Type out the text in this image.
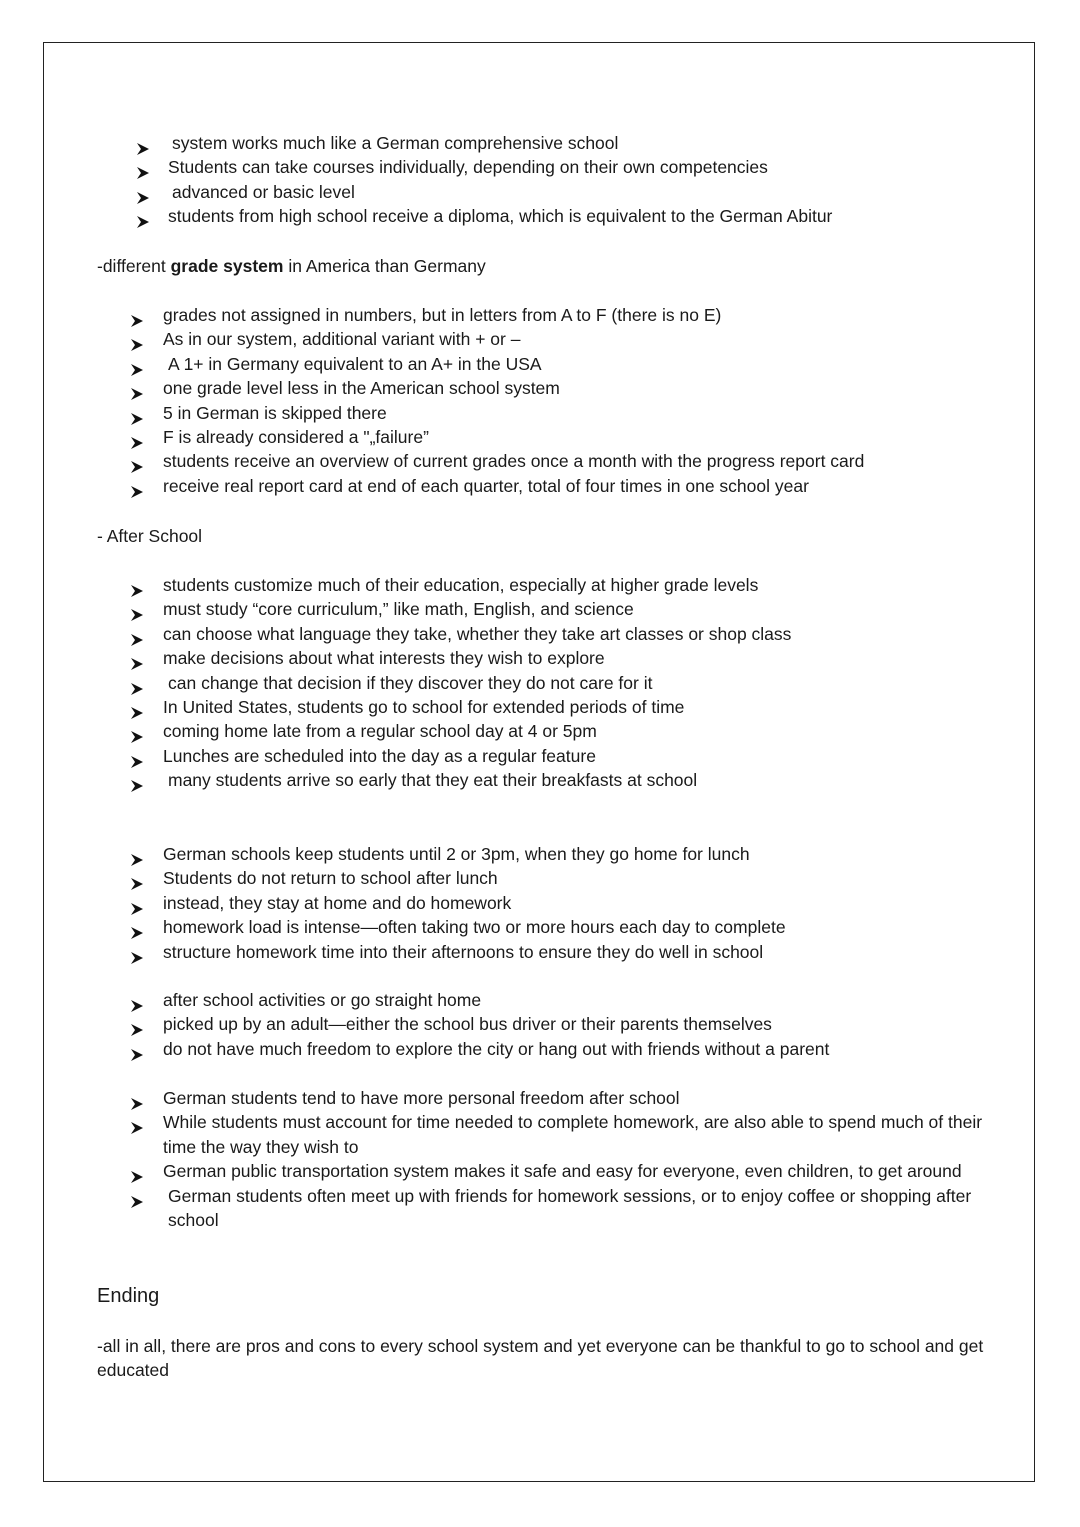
system works much like a German comprehensive school
Students can take courses individually, depending on their own competencies
advanced or basic level
students from high school receive a diploma, which is equivalent to the German Abitur

-different grade system in America than Germany

grades not assigned in numbers, but in letters from A to F (there is no E)
As in our system, additional variant with + or –
A 1+ in Germany equivalent to an A+ in the USA
one grade level less in the American school system
5 in German is skipped there
F is already considered a "„failure”
students receive an overview of current grades once a month with the progress report card
receive real report card at end of each quarter, total of four times in one school year

- After School

students customize much of their education, especially at higher grade levels
must study “core curriculum,” like math, English, and science
can choose what language they take, whether they take art classes or shop class
make decisions about what interests they wish to explore
can change that decision if they discover they do not care for it
In United States, students go to school for extended periods of time
coming home late from a regular school day at 4 or 5pm
Lunches are scheduled into the day as a regular feature
many students arrive so early that they eat their breakfasts at school
German schools keep students until 2 or 3pm, when they go home for lunch
Students do not return to school after lunch
instead, they stay at home and do homework
homework load is intense—often taking two or more hours each day to complete
structure homework time into their afternoons to ensure they do well in school
after school activities or go straight home
picked up by an adult—either the school bus driver or their parents themselves
do not have much freedom to explore the city or hang out with friends without a parent
German students tend to have more personal freedom after school
While students must account for time needed to complete homework, are also able to spend much of their time the way they wish to
German public transportation system makes it safe and easy for everyone, even children, to get around
German students often meet up with friends for homework sessions, or to enjoy coffee or shopping after school

Ending

-all in all, there are pros and cons to every school system and yet everyone can be thankful to go to school and get educated
